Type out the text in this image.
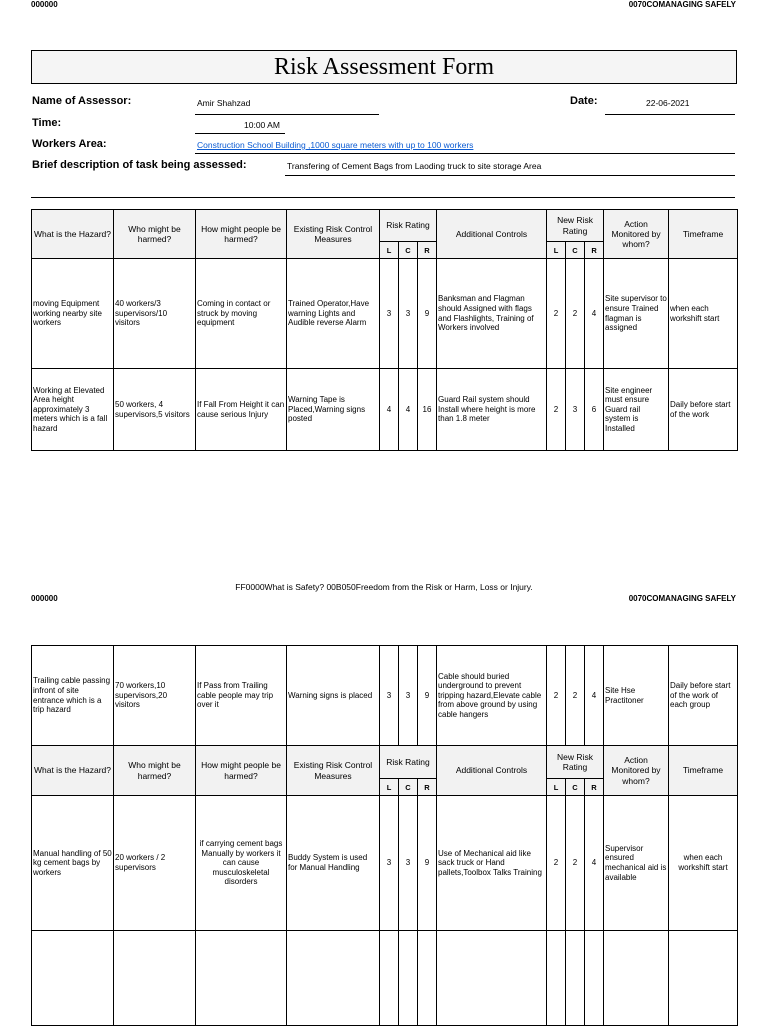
000000	0070COMANAGING SAFELY
Risk Assessment Form
Name of Assessor:	Amir Shahzad	Date:	22-06-2021
Time:	10:00 AM
Workers Area:	Construction School Building ,1000 square meters with up to 100 workers
Brief description of task being assessed:	Transfering of Cement Bags from Laoding truck to site storage Area
What is the Hazard?	Who might be harmed?	How might people be harmed?	Existing Risk Control Measures	Risk Rating			Additional Controls	New Risk Rating			Action Monitored by whom?	Timeframe
				L	C	R		L	C	R		
moving Equipment working nearby site workers	40 workers/3 supervisors/10 visitors	Coming in contact or struck by moving equipment	Trained Operator,Have warning Lights and Audible reverse Alarm	3	3	9	Banksman and Flagman should Assigned with flags and Flashlights, Training of Workers involved	2	2	4	Site supervisor to ensure Trained flagman is assigned	when each workshift start
Working at Elevated Area height approximately 3 meters which is a fall hazard	50 workers, 4 supervisors,5 visitors	If Fall From Height it can cause serious Injury	Warning Tape is Placed,Warning signs posted	4	4	16	Guard Rail system should Install where height is more than 1.8 meter	2	3	6	Site engineer must ensure Guard rail system is Installed	Daily before start of the work
FF0000What is Safety? 00B050Freedom from the Risk or Harm, Loss or Injury.
000000	0070COMANAGING SAFELY
Trailing cable passing infront of site entrance which is a trip hazard	70 workers,10 supervisors,20 visitors	If Pass from Trailing cable people may trip over it	Warning signs is placed	3	3	9	Cable should buried underground to prevent tripping hazard,Elevate cable from above ground by using cable hangers	2	2	4	Site Hse Practitoner	Daily before start of the work of each group
What is the Hazard?	Who might be harmed?	How might people be harmed?	Existing Risk Control Measures	Risk Rating			Additional Controls	New Risk Rating			Action Monitored by whom?	Timeframe
				L	C	R		L	C	R		
Manual handling of 50 kg cement bags by workers	20 workers / 2 supervisors	if carrying cement bags Manually by workers it can cause musculoskeletal disorders	Buddy System is used for Manual Handling	3	3	9	Use of Mechanical aid like sack truck or Hand pallets,Toolbox Talks Training	2	2	4	Supervisor ensured mechanical aid is available	when each workshift start
